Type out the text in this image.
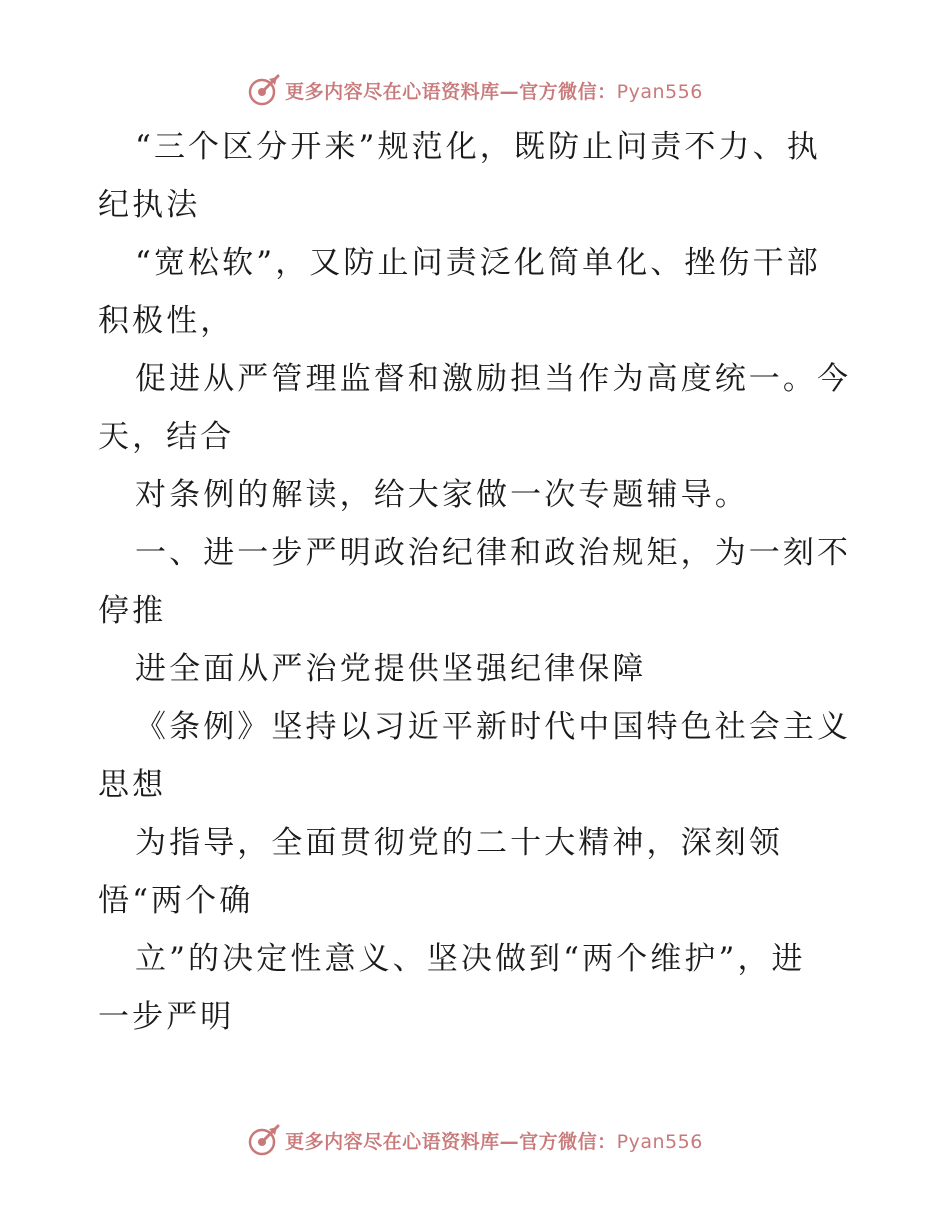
更多内容尽在心语资料库—官方微信：Pyan556
“三个区分开来”规范化，既防止问责不力、执
纪执法
“宽松软”，又防止问责泛化简单化、挫伤干部
积极性，
促进从严管理监督和激励担当作为高度统一。今
天，结合
对条例的解读，给大家做一次专题辅导。
一、进一步严明政治纪律和政治规矩，为一刻不
停推
进全面从严治党提供坚强纪律保障
《条例》坚持以习近平新时代中国特色社会主义
思想
为指导，全面贯彻党的二十大精神，深刻领
悟“两个确
立”的决定性意义、坚决做到“两个维护”，进
一步严明
更多内容尽在心语资料库—官方微信：Pyan556
